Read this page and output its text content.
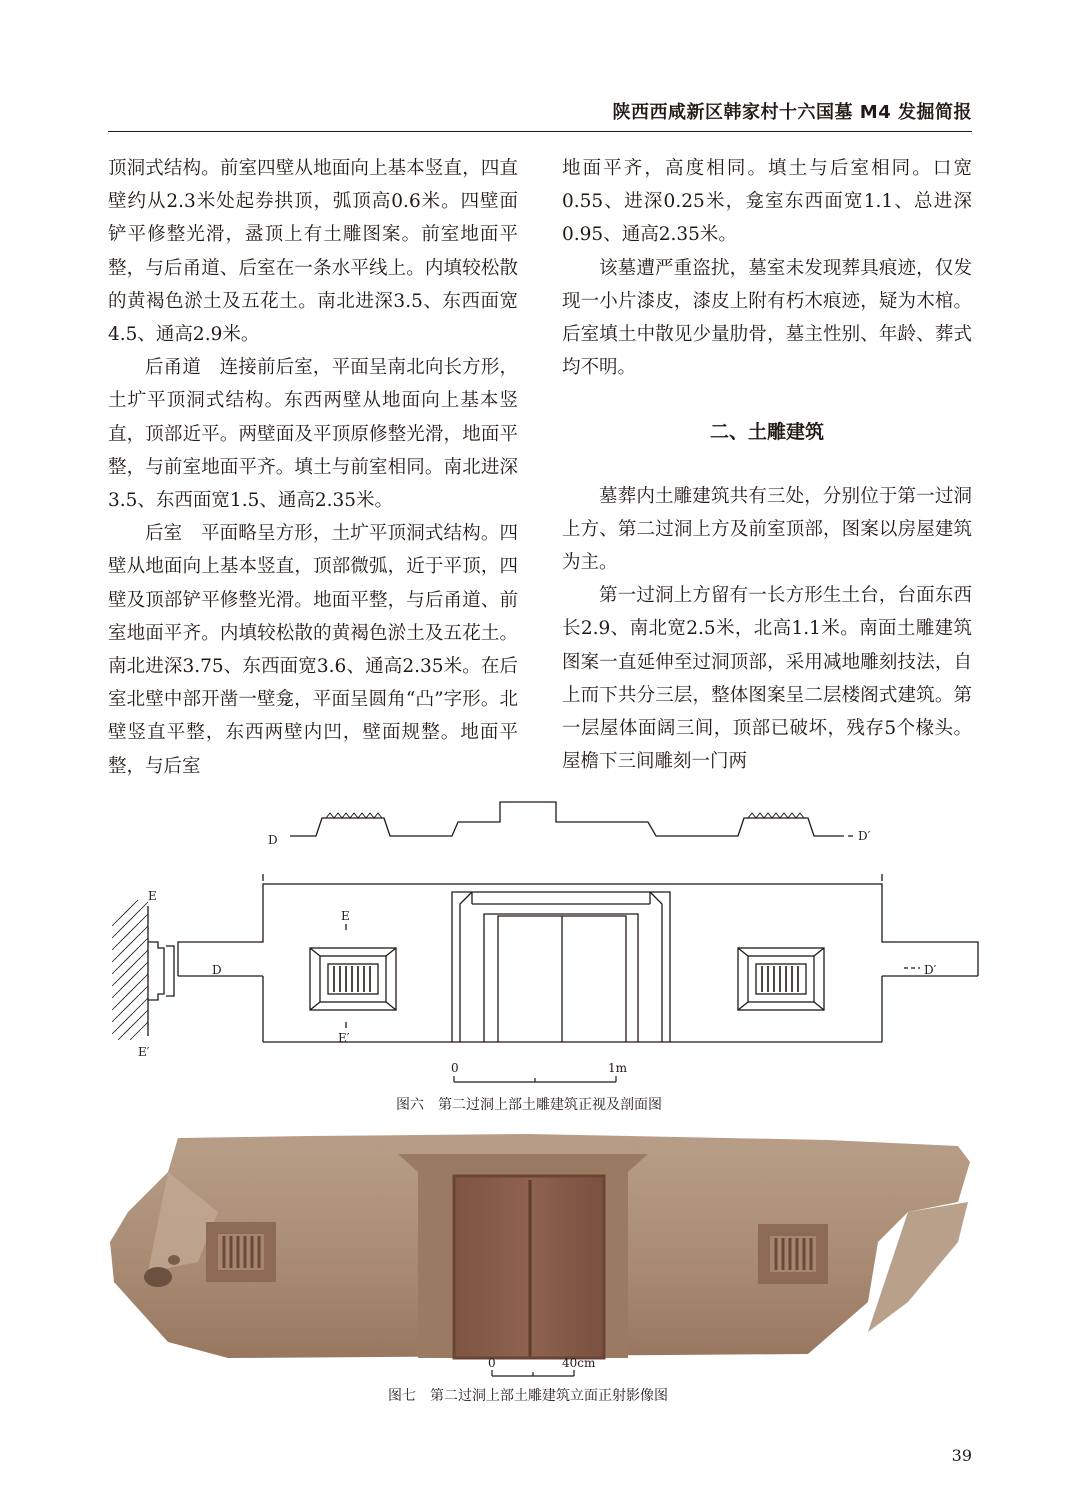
陕西西咸新区韩家村十六国墓 M4 发掘简报

顶洞式结构。前室四壁从地面向上基本竖直，四直壁约从2.3米处起券拱顶，弧顶高0.6米。四壁面铲平修整光滑，盝顶上有土雕图案。前室地面平整，与后甬道、后室在一条水平线上。内填较松散的黄褐色淤土及五花土。南北进深3.5、东西面宽4.5、通高2.9米。

后甬道　连接前后室，平面呈南北向长方形，土圹平顶洞式结构。东西两壁从地面向上基本竖直，顶部近平。两壁面及平顶原修整光滑，地面平整，与前室地面平齐。填土与前室相同。南北进深3.5、东西面宽1.5、通高2.35米。

后室　平面略呈方形，土圹平顶洞式结构。四壁从地面向上基本竖直，顶部微弧，近于平顶，四壁及顶部铲平修整光滑。地面平整，与后甬道、前室地面平齐。内填较松散的黄褐色淤土及五花土。南北进深3.75、东西面宽3.6、通高2.35米。在后室北壁中部开凿一壁龛，平面呈圆角“凸”字形。北壁竖直平整，东西两壁内凹，壁面规整。地面平整，与后室

地面平齐，高度相同。填土与后室相同。口宽0.55、进深0.25米，龛室东西面宽1.1、总进深0.95、通高2.35米。

该墓遭严重盗扰，墓室未发现葬具痕迹，仅发现一小片漆皮，漆皮上附有朽木痕迹，疑为木棺。后室填土中散见少量肋骨，墓主性别、年龄、葬式均不明。

二、土雕建筑

墓葬内土雕建筑共有三处，分别位于第一过洞上方、第二过洞上方及前室顶部，图案以房屋建筑为主。

第一过洞上方留有一长方形生土台，台面东西长2.9、南北宽2.5米，北高1.1米。南面土雕建筑图案一直延伸至过洞顶部，采用减地雕刻技法，自上而下共分三层，整体图案呈二层楼阁式建筑。第一层屋体面阔三间，顶部已破坏，残存5个椽头。屋檐下三间雕刻一门两

D	D′
D	D′
E
E′
E
E′
0	1m
图六　第二过洞上部土雕建筑正视及剖面图
0	40cm
图七　第二过洞上部土雕建筑立面正射影像图
39
